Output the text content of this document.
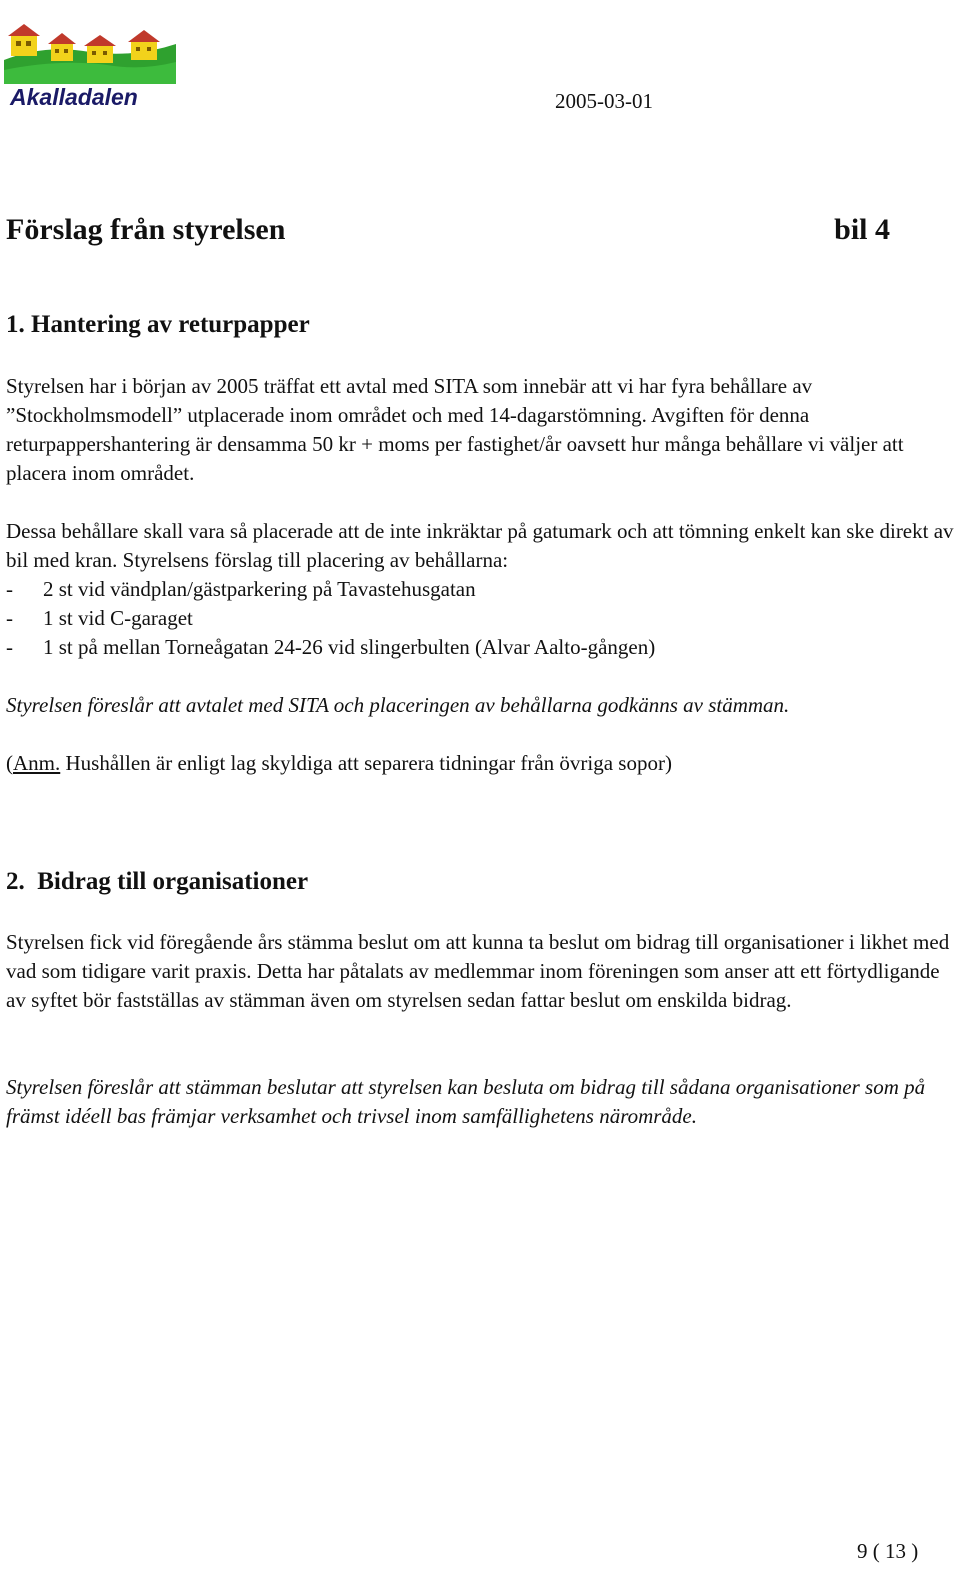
Akalladalen	2005-03-01
Förslag från styrelsen	bil 4
1. Hantering av returpapper

Styrelsen har i början av 2005 träffat ett avtal med SITA som innebär att vi har fyra behållare av ”Stockholmsmodell” utplacerade inom området och med 14-dagarstömning. Avgiften för denna returpappershantering är densamma 50 kr + moms per fastighet/år oavsett hur många behållare vi väljer att placera inom området.

Dessa behållare skall vara så placerade att de inte inkräktar på gatumark och att tömning enkelt kan ske direkt av bil med kran. Styrelsens förslag till placering av behållarna:

- 2 st vid vändplan/gästparkering på Tavastehusgatan
- 1 st vid C-garaget
- 1 st på mellan Torneågatan 24-26 vid slingerbulten (Alvar Aalto-gången)

Styrelsen föreslår att avtalet med SITA och placeringen av behållarna godkänns av stämman.

(Anm. Hushållen är enligt lag skyldiga att separera tidningar från övriga sopor)

2.  Bidrag till organisationer

Styrelsen fick vid föregående års stämma beslut om att kunna ta beslut om bidrag till organisationer i likhet med vad som tidigare varit praxis. Detta har påtalats av medlemmar inom föreningen som anser att ett förtydligande av syftet bör fastställas av stämman även om styrelsen sedan fattar beslut om enskilda bidrag.

Styrelsen föreslår att stämman beslutar att styrelsen kan besluta om bidrag till sådana organisationer som på främst idéell bas främjar verksamhet och trivsel inom samfällighetens närområde.

9 ( 13 )
